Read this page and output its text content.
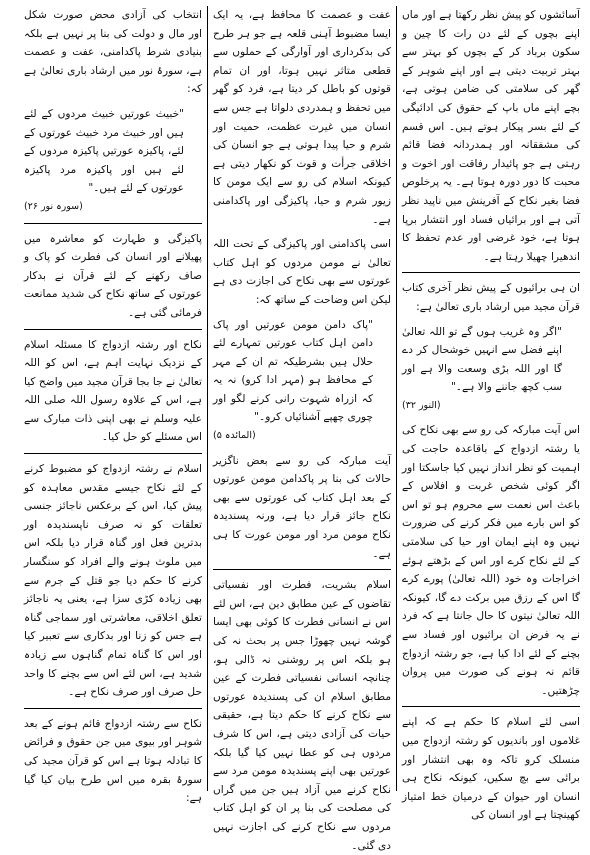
آسائشوں کو پیش نظر رکھتا ہے اور ماں اپنے بچوں کے لئے دن رات کا چین و سکون برباد کر کے بچوں کو بہتر سے بہتر تربیت دیتی ہے اور اپنے شوہر کے گھر کی سلامتی کی ضامن ہوتی ہے، بچے اپنے ماں باپ کے حقوق کی ادائیگی کے لئے بسر پیکار ہوتے ہیں۔ اس قسم کی مشفقانہ اور ہمدردانہ فضا قائم رہتی ہے جو پائیدار رفاقت اور اخوت و محبت کا دور دورہ ہوتا ہے۔ یہ پرخلوص فضا بغیر نکاح کے آفرینش میں ناپید نظر آتی ہے اور برائیاں فساد اور انتشار برپا ہوتا ہے، خود غرضی اور عدم تحفظ کا اندھیرا چھیلا رہتا ہے۔

ان ہی برائیوں کے پیش نظر آخری کتاب قرآن مجید میں ارشاد باری تعالیٰ ہے:

"اگر وہ غریب ہوں گے تو اللہ تعالیٰ اپنے فضل سے انہیں خوشحال کر دے گا اور اللہ بڑی وسعت والا ہے اور سب کچھ جاننے والا ہے۔"
(النور ۳۲)

اس آیت مبارکہ کی رو سے بھی نکاح کی یا رشتہ ازدواج کے باقاعدہ حاجت کی اہمیت کو نظر انداز نہیں کیا جاسکتا اور اگر کوئی شخص غربت و افلاس کے باعث اس نعمت سے محروم ہو تو اس کو اس بارے میں فکر کرنے کی ضرورت نہیں وہ اپنے ایمان اور حیا کی سلامتی کے لئے نکاح کرے اور اس کے بڑھتے ہوئے اخراجات وہ خود (اللہ تعالیٰ) پورے کرے گا اس کے رزق میں برکت دے گا، کیونکہ اللہ تعالیٰ نیتوں کا حال جانتا ہے کہ فرد نے یہ فرض ان برائیوں اور فساد سے بچنے کے لئے ادا کیا ہے، جو رشتہ ازدواج قائم نہ ہونے کی صورت میں پروان چڑھتیں۔

اسی لئے اسلام کا حکم ہے کہ اپنے غلاموں اور باندیوں کو رشتہ ازدواج میں منسلک کرو تاکہ وہ بھی انتشار اور برائی سے بچ سکیں، کیونکہ نکاح ہی انسان اور حیوان کے درمیان خط امتیاز کھینچتا ہے اور انسان کی

عفت و عصمت کا محافظ ہے، یہ ایک ایسا مضبوط آہنی قلعہ ہے جو ہر طرح کی بدکرداری اور آوارگی کے حملوں سے قطعی متاثر نہیں ہوتا، اور ان تمام قوتوں کو باطل کر دیتا ہے، فرد کو گھر میں تحفظ و ہمدردی دلواتا ہے جس سے انسان میں غیرت عظمت، حمیت اور شرم و حیا پیدا ہوتی ہے جو انسان کی اخلاقی جرأت و قوت کو نکھار دیتی ہے کیونکہ اسلام کی رو سے ایک مومن کا زیور شرم و حیا، پاکیزگی اور پاکدامنی ہے۔

اسی پاکدامنی اور پاکیزگی کے تحت اللہ تعالیٰ نے مومن مردوں کو اہل کتاب عورتوں سے بھی نکاح کی اجازت دی ہے لیکن اس وضاحت کے ساتھ کہ:

"پاک دامن مومن عورتیں اور پاک دامن اہل کتاب عورتیں تمہارے لئے حلال ہیں بشرطیکہ تم ان کے مہر کے محافظ ہو (مہر ادا کرو) نہ یہ کہ ازراہ شہوت رانی کرنے لگو اور چوری چھپے آشنائیاں کرو۔"
(المائدہ ۵)

آیت مبارکہ کی رو سے بعض ناگزیر حالات کی بنا پر پاکدامن مومن عورتوں کے بعد اہل کتاب کی عورتوں سے بھی نکاح جائز قرار دیا ہے، ورنہ پسندیدہ نکاح مومن مرد اور مومن عورت کا ہی ہے۔

اسلام بشریت، فطرت اور نفسیاتی تقاضوں کے عین مطابق دین ہے، اس لئے اس نے انسانی فطرت کا کوئی بھی ایسا گوشہ نہیں چھوڑا جس پر بحث نہ کی ہو بلکہ اس پر روشنی نہ ڈالی ہو، چنانچہ انسانی نفسیاتی فطرت کے عین مطابق اسلام ان کی پسندیدہ عورتوں سے نکاح کرنے کا حکم دیتا ہے، حقیقی حیات کی آزادی دیتی ہے، اس کا شرف مردوں ہی کو عطا نہیں کیا گیا بلکہ عورتیں بھی اپنے پسندیدہ مومن مرد سے نکاح کرنے میں آزاد ہیں جن میں گراں کی مصلحت کی بنا پر ان کو اہل کتاب مردوں سے نکاح کرنے کی اجازت نہیں دی گئی۔

انتخاب کی آزادی محض صورت شکل اور مال و دولت کی بنا پر نہیں ہے بلکہ بنیادی شرط پاکدامنی، عفت و عصمت ہے، سورۂ نور میں ارشاد باری تعالیٰ ہے کہ:

"خبیث عورتیں خبیث مردوں کے لئے ہیں اور خبیث مرد خبیث عورتوں کے لئے، پاکیزہ عورتیں پاکیزہ مردوں کے لئے ہیں اور پاکیزہ مرد پاکیزہ عورتوں کے لئے ہیں۔"
(سورہ نور ۲۶)

پاکیزگی و طہارت کو معاشرہ میں پھیلانے اور انسان کی فطرت کو پاک و صاف رکھنے کے لئے قرآن نے بدکار عورتوں کے ساتھ نکاح کی شدید ممانعت فرمائی گئی ہے۔

نکاح اور رشتہ ازدواج کا مسئلہ اسلام کے نزدیک نہایت اہم ہے، اس کو اللہ تعالیٰ نے جا بجا قرآن مجید میں واضح کیا ہے، اس کے علاوہ رسول اللہ صلی اللہ علیہ وسلم نے بھی اپنی ذات مبارک سے اس مسئلے کو حل کیا۔

اسلام نے رشتہ ازدواج کو مضبوط کرنے کے لئے نکاح جیسے مقدس معاہدہ کو پیش کیا، اس کے برعکس ناجائز جنسی تعلقات کو نہ صرف ناپسندیدہ اور بدترین فعل اور گناہ قرار دیا بلکہ اس میں ملوث ہونے والے افراد کو سنگسار کرنے کا حکم دیا جو قتل کے جرم سے بھی زیادہ کڑی سزا ہے، یعنی یہ ناجائز تعلق اخلاقی، معاشرتی اور سماجی گناہ ہے جس کو زنا اور بدکاری سے تعبیر کیا اور اس کا گناہ تمام گناہوں سے زیادہ شدید ہے، اس لئے اس سے بچنے کا واحد حل صرف اور صرف نکاح ہے۔

نکاح سے رشتہ ازدواج قائم ہونے کے بعد شوہر اور بیوی میں جن حقوق و فرائض کا تبادلہ ہوتا ہے اس کو قرآن مجید کی سورۂ بقرہ میں اس طرح بیان کیا گیا ہے:
